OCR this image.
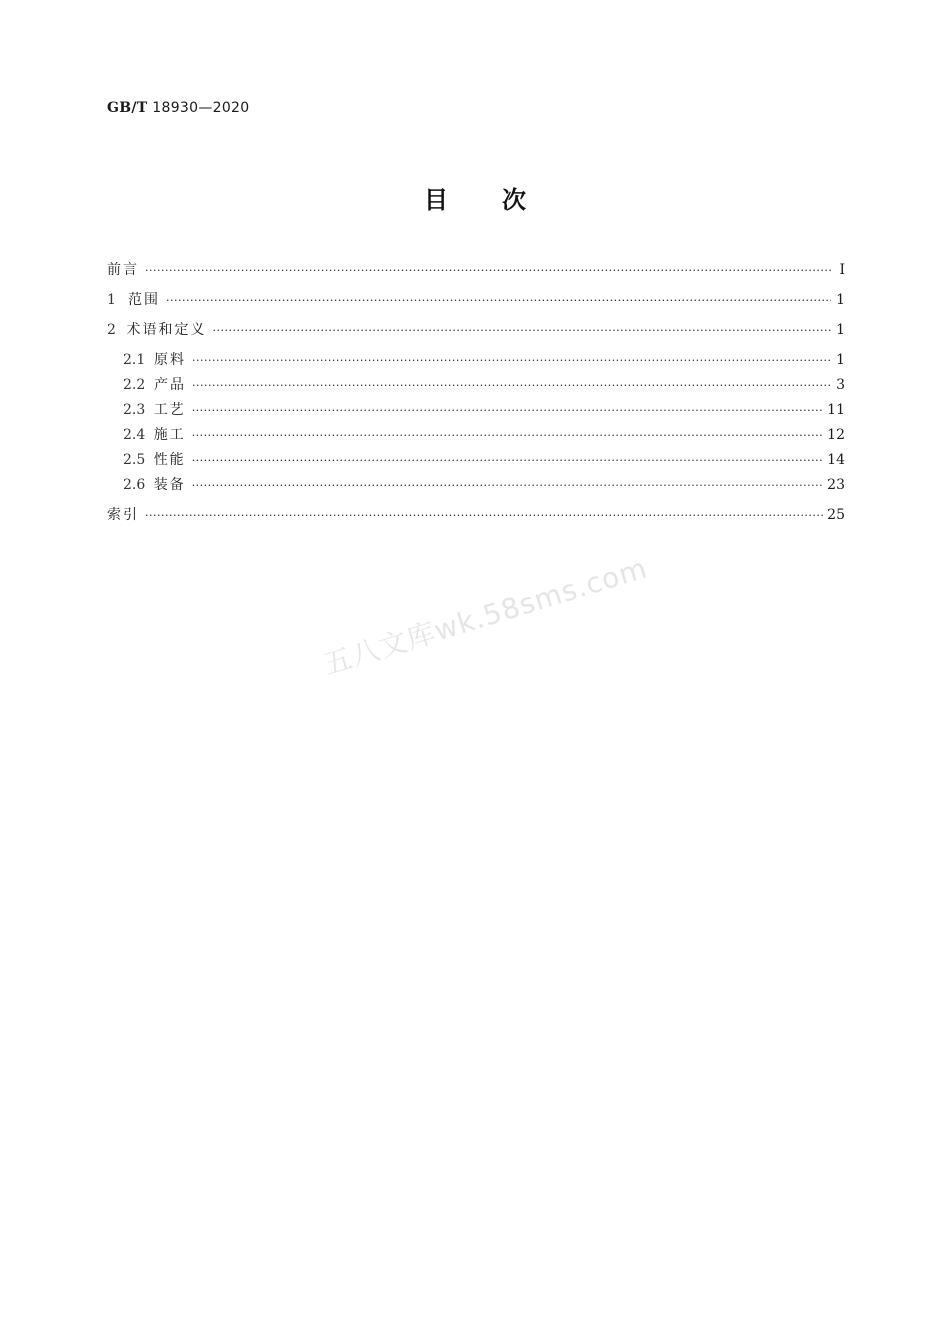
GB/T 18930—2020
目 次
前言 ·····	Ⅰ
1 范围 ·····	1
2 术语和定义 ·····	1
2.1 原料 ·····	1
2.2 产品 ·····	3
2.3 工艺 ·····	11
2.4 施工 ·····	12
2.5 性能 ·····	14
2.6 装备 ·····	23
索引 ·····	25
五八文库wk.58sms.com
